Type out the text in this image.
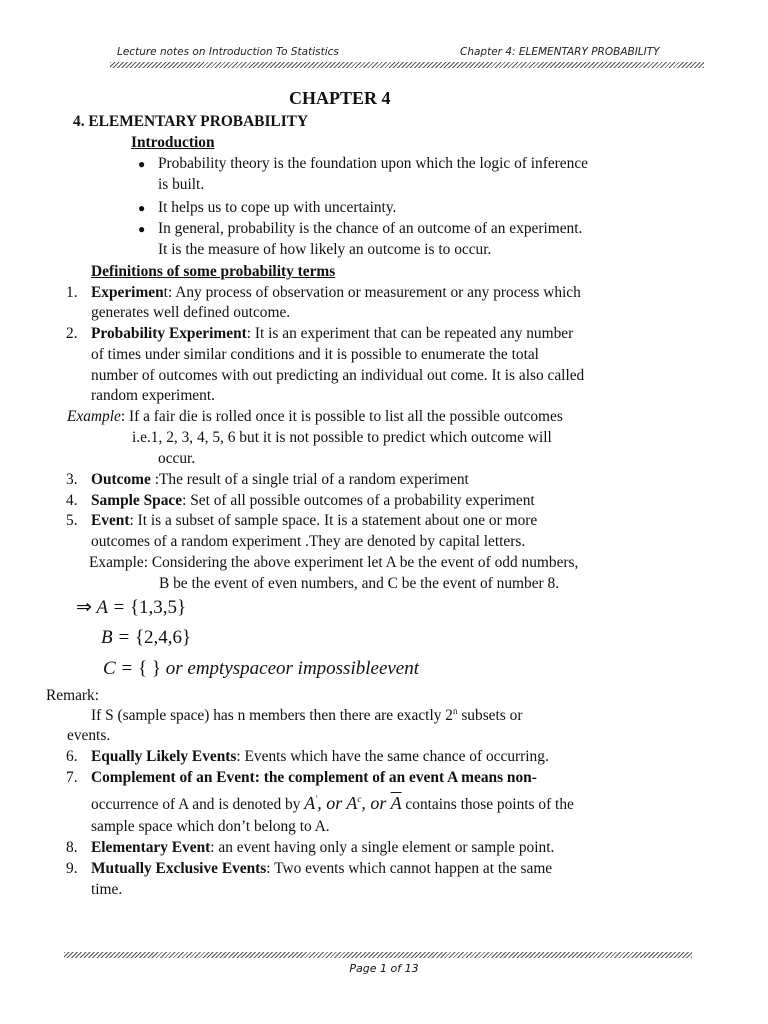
Lecture notes on Introduction To Statistics	Chapter 4: ELEMENTARY PROBABILITY
CHAPTER 4
4. ELEMENTARY PROBABILITY
Introduction
● Probability theory is the foundation upon which the logic of inference
is built.
● It helps us to cope up with uncertainty.
● In general, probability is the chance of an outcome of an experiment.
It is the measure of how likely an outcome is to occur.
Definitions of some probability terms
1. Experiment: Any process of observation or measurement or any process which
generates well defined outcome.
2. Probability Experiment: It is an experiment that can be repeated any number
of times under similar conditions and it is possible to enumerate the total
number of outcomes with out predicting an individual out come. It is also called
random experiment.
Example: If a fair die is rolled once it is possible to list all the possible outcomes
i.e.1, 2, 3, 4, 5, 6 but it is not possible to predict which outcome will
occur.
3. Outcome :The result of a single trial of a random experiment
4. Sample Space: Set of all possible outcomes of a probability experiment
5. Event: It is a subset of sample space. It is a statement about one or more
outcomes of a random experiment .They are denoted by capital letters.
Example: Considering the above experiment let A be the event of odd numbers,
B be the event of even numbers, and C be the event of number 8.
⇒ A = {1,3,5}
B = {2,4,6}
C = { } or emptyspaceor impossibleevent
Remark:
If S (sample space) has n members then there are exactly 2$^n$ subsets or
events.
6. Equally Likely Events: Events which have the same chance of occurring.
7. Complement of an Event: the complement of an event A means non-
occurrence of A and is denoted by A', or $A^c$, or $\overline{A}$ contains those points of the
sample space which don’t belong to A.
8. Elementary Event: an event having only a single element or sample point.
9. Mutually Exclusive Events: Two events which cannot happen at the same
time.
Page 1 of 13
